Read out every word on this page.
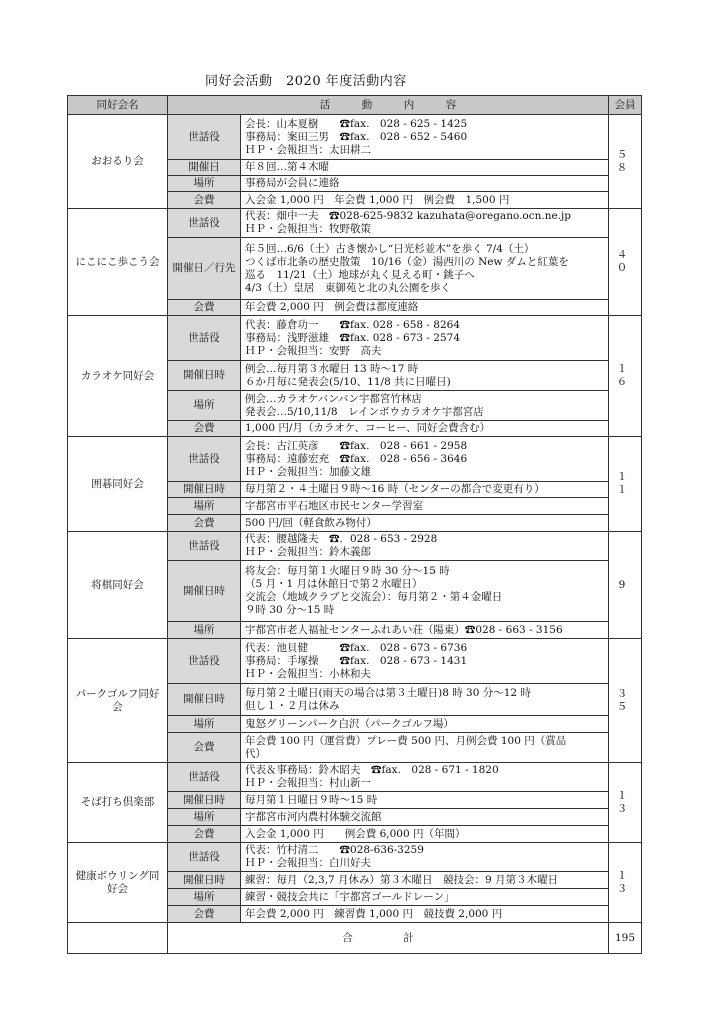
同好会活動　2020 年度活動内容
同好会名	活　　　動　　　内　　　容		会員
おおるり会	世話役	会長：山本夏樹　　☎fax.　028 - 625 - 1425
事務局：案田三男　☎fax.　028 - 652 - 5460
ＨＰ・会報担当：太田耕二	５８
	開催日	年８回…第４木曜	

	場所	事務局が会員に連絡	

	会費	入会金 1,000 円　年会費 1,000 円　例会費　1,500 円	

にこにこ歩こう会	世話役	代表：畑中一夫　☎028-625-9832 kazuhata@oregano.ocn.ne.jp
ＨＰ・会報担当：牧野敬策	４０
	開催日／行先	年５回…6/6（土）古き懐かし“日光杉並木”を歩く 7/4（土）
つくば市北条の歴史散策　10/16（金）湯西川の New ダムと紅葉を
巡る　11/21（土）地球が丸く見える町・銚子へ
4/3（土）皇居　東御苑と北の丸公園を歩く	

	会費	年会費 2,000 円　例会費は都度連絡	

カラオケ同好会	世話役	代表：藤倉功一　　☎fax. 028 - 658 - 8264
事務局：浅野滋雄　☎fax. 028 - 673 - 2574
ＨＰ・会報担当：安野　高夫	１６
	開催日時	例会…毎月第３水曜日 13 時～17 時
６か月毎に発表会(5/10、11/8 共に日曜日)	

	場所	例会…カラオケバンバン宇都宮竹林店
発表会…5/10,11/8　レインボウカラオケ宇都宮店	

	会費	1,000 円/月（カラオケ、コーヒー、同好会費含む）	

囲碁同好会	世話役	会長：古江英彦　　☎fax.　028 - 661 - 2958
事務局：遠藤宏充　☎fax.　028 - 656 - 3646
ＨＰ・会報担当：加藤文雄	１１
	開催日時	毎月第２・４土曜日９時～16 時（センターの都合で変更有り）	

	場所	宇都宮市平石地区市民センター学習室	

	会費	500 円/回（軽食飲み物付）	

将棋同好会	世話役	代表：腰越隆夫　☎．028 - 653 - 2928
ＨＰ・会報担当：鈴木義郎	9
	開催日時	将友会：毎月第１火曜日９時 30 分～15 時
（5 月・1 月は休館日で第２水曜日）
交流会（地域クラブと交流会）：毎月第２・第４金曜日
９時 30 分～15 時	

	場所	宇都宮市老人福祉センターふれあい荘（陽東）☎028 - 663 - 3156	

パークゴルフ同好会	世話役	代表：池貝健　　　☎fax.　028 - 673 - 6736
事務局：手塚操　　☎fax.　028 - 673 - 1431
ＨＰ・会報担当：小林和夫	３５
	開催日時	毎月第２土曜日(雨天の場合は第３土曜日)8 時 30 分～12 時
但し１・２月は休み	

	場所	鬼怒グリーンパーク白沢（パークゴルフ場）	

	会費	年会費 100 円（運営費）プレー費 500 円、月例会費 100 円（賞品
代）	

そば打ち倶楽部	世話役	代表＆事務局：鈴木昭夫　☎fax.　028 - 671 - 1820
ＨＰ・会報担当：村山新一	１３
	開催日時	毎月第１日曜日９時～15 時	

	場所	宇都宮市河内農村体験交流館	

	会費	入会金 1,000 円　　例会費 6,000 円（年間）	

健康ボウリング同好会	世話役	代表：竹村清二　　☎028-636-3259
ＨＰ・会報担当：白川好夫	１３
	開催日時	練習：毎月（2,3,7 月休み）第３木曜日　競技会：9 月第３木曜日	

	場所	練習・競技会共に「宇都宮ゴールドレーン」	

	会費	年会費 2,000 円　練習費 1,000 円　競技費 2,000 円	

	合　計		195
